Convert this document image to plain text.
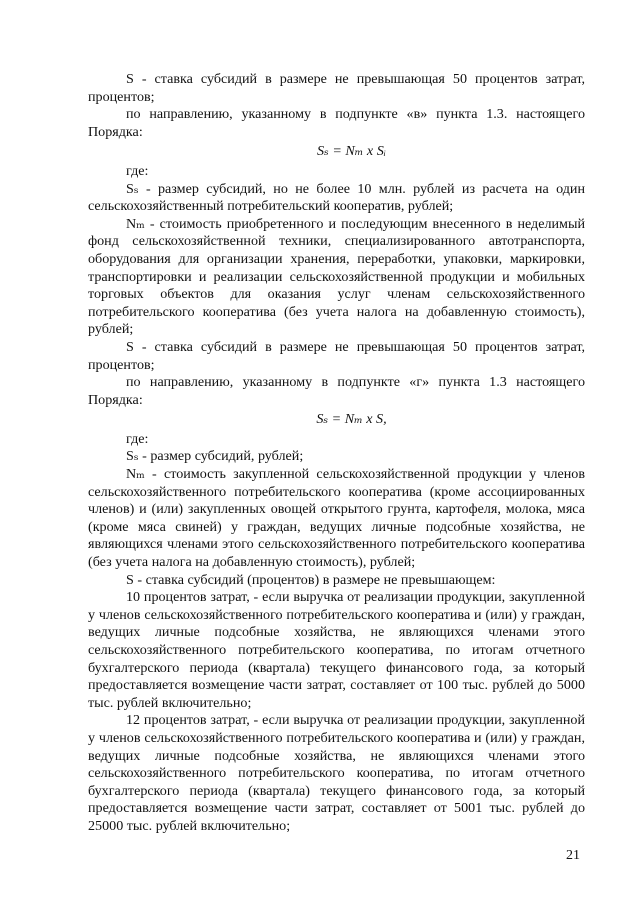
S - ставка субсидий в размере не превышающая 50 процентов затрат, процентов;

по направлению, указанному в подпункте «в» пункта 1.3. настоящего Порядка:

Sₛ = Nₘ x Sᵢ

где:

Sₛ - размер субсидий, но не более 10 млн. рублей из расчета на один сельскохозяйственный потребительский кооператив, рублей;

Nₘ - стоимость приобретенного и последующим внесенного в неделимый фонд сельскохозяйственной техники, специализированного автотранспорта, оборудования для организации хранения, переработки, упаковки, маркировки, транспортировки и реализации сельскохозяйственной продукции и мобильных торговых объектов для оказания услуг членам сельскохозяйственного потребительского кооператива (без учета налога на добавленную стоимость), рублей;

S - ставка субсидий в размере не превышающая 50 процентов затрат, процентов;

по направлению, указанному в подпункте «г» пункта 1.3 настоящего Порядка:

Sₛ = Nₘ x S,

где:

Sₛ - размер субсидий, рублей;

Nₘ - стоимость закупленной сельскохозяйственной продукции у членов сельскохозяйственного потребительского кооператива (кроме ассоциированных членов) и (или) закупленных овощей открытого грунта, картофеля, молока, мяса (кроме мяса свиней) у граждан, ведущих личные подсобные хозяйства, не являющихся членами этого сельскохозяйственного потребительского кооператива (без учета налога на добавленную стоимость), рублей;

S - ставка субсидий (процентов) в размере не превышающем:

10 процентов затрат, - если выручка от реализации продукции, закупленной у членов сельскохозяйственного потребительского кооператива и (или) у граждан, ведущих личные подсобные хозяйства, не являющихся членами этого сельскохозяйственного потребительского кооператива, по итогам отчетного бухгалтерского периода (квартала) текущего финансового года, за который предоставляется возмещение части затрат, составляет от 100 тыс. рублей до 5000 тыс. рублей включительно;

12 процентов затрат, - если выручка от реализации продукции, закупленной у членов сельскохозяйственного потребительского кооператива и (или) у граждан, ведущих личные подсобные хозяйства, не являющихся членами этого сельскохозяйственного потребительского кооператива, по итогам отчетного бухгалтерского периода (квартала) текущего финансового года, за который предоставляется возмещение части затрат, составляет от 5001 тыс. рублей до 25000 тыс. рублей включительно;

21
